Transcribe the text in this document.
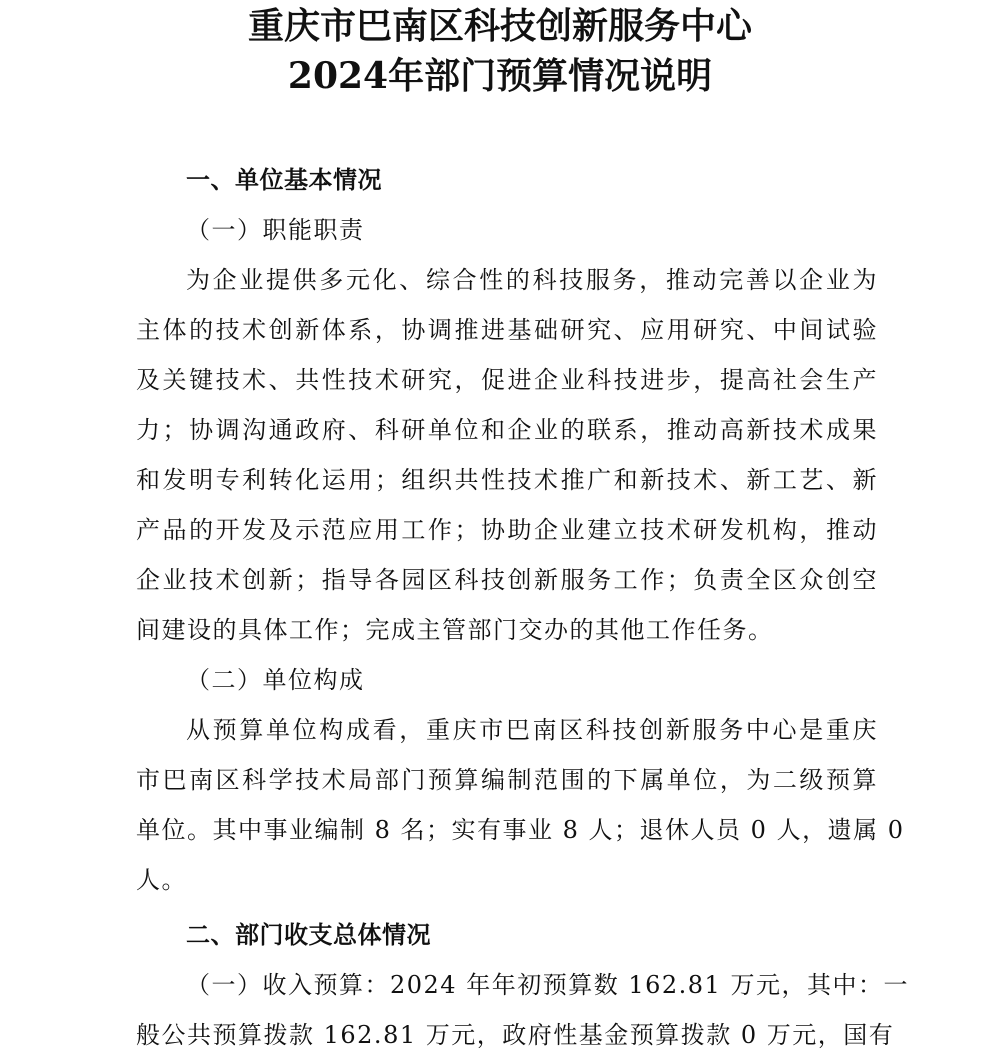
重庆市巴南区科技创新服务中心
2024年部门预算情况说明
一、单位基本情况
（一）职能职责
为企业提供多元化、综合性的科技服务，推动完善以企业为
主体的技术创新体系，协调推进基础研究、应用研究、中间试验
及关键技术、共性技术研究，促进企业科技进步，提高社会生产
力；协调沟通政府、科研单位和企业的联系，推动高新技术成果
和发明专利转化运用；组织共性技术推广和新技术、新工艺、新
产品的开发及示范应用工作；协助企业建立技术研发机构，推动
企业技术创新；指导各园区科技创新服务工作；负责全区众创空
间建设的具体工作；完成主管部门交办的其他工作任务。
（二）单位构成
从预算单位构成看，重庆市巴南区科技创新服务中心是重庆
市巴南区科学技术局部门预算编制范围的下属单位，为二级预算
单位。其中事业编制 8 名；实有事业 8 人；退休人员 0 人，遗属 0
人。
二、部门收支总体情况
（一）收入预算：2024 年年初预算数 162.81 万元，其中：一
般公共预算拨款 162.81 万元，政府性基金预算拨款 0 万元，国有
